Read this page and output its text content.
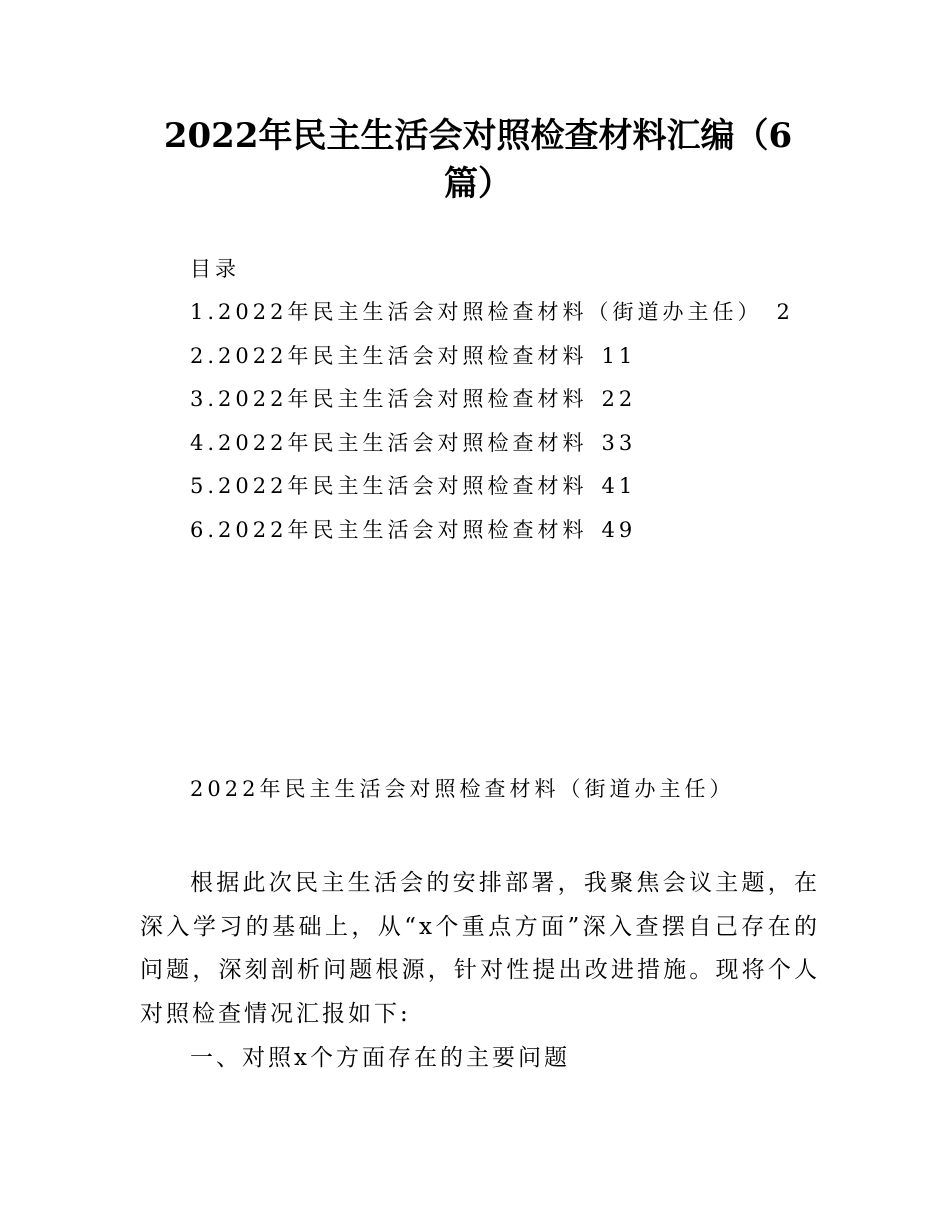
2022年民主生活会对照检查材料汇编（6篇）
目录
1.2022年民主生活会对照检查材料（街道办主任） 2
2.2022年民主生活会对照检查材料 11
3.2022年民主生活会对照检查材料 22
4.2022年民主生活会对照检查材料 33
5.2022年民主生活会对照检查材料 41
6.2022年民主生活会对照检查材料 49
2022年民主生活会对照检查材料（街道办主任）

根据此次民主生活会的安排部署，我聚焦会议主题，在深入学习的基础上，从“x个重点方面”深入查摆自己存在的问题，深刻剖析问题根源，针对性提出改进措施。现将个人对照检查情况汇报如下:

一、对照x个方面存在的主要问题
